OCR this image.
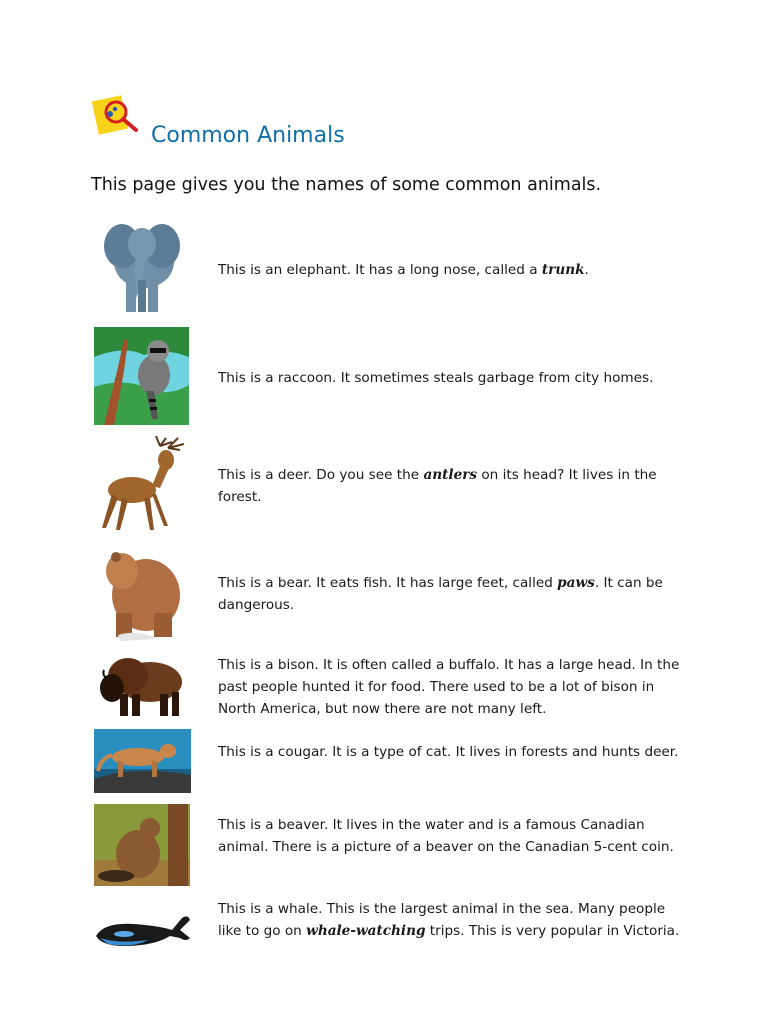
Common Animals
This page gives you the names of some common animals.
This is an elephant. It has a long nose, called a trunk.
This is a raccoon. It sometimes steals garbage from city homes.
This is a deer. Do you see the antlers on its head? It lives in the forest.
This is a bear. It eats fish. It has large feet, called paws. It can be dangerous.
This is a bison. It is often called a buffalo. It has a large head. In the past people hunted it for food. There used to be a lot of bison in North America, but now there are not many left.
This is a cougar. It is a type of cat. It lives in forests and hunts deer.
This is a beaver. It lives in the water and is a famous Canadian animal. There is a picture of a beaver on the Canadian 5-cent coin.
This is a whale. This is the largest animal in the sea. Many people like to go on whale-watching trips. This is very popular in Victoria.
